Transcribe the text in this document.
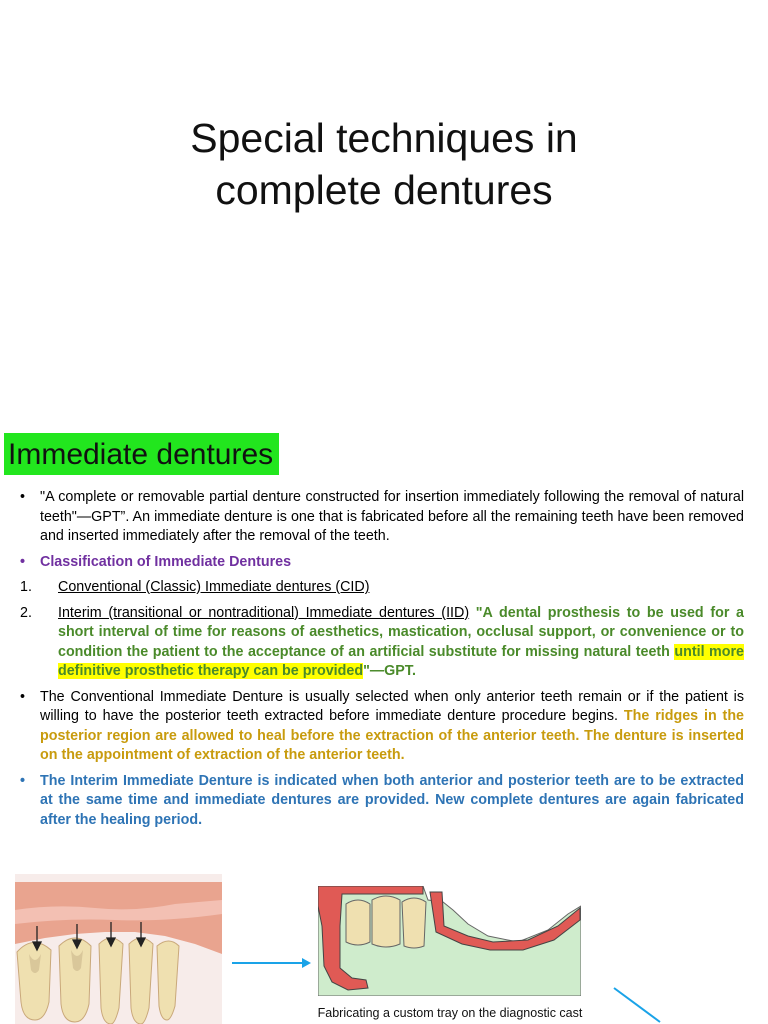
Special techniques in
complete dentures
Immediate dentures
• "A complete or removable partial denture constructed for insertion immediately following the removal of natural teeth"—GPT”. An immediate denture is one that is fabricated before all the remaining teeth have been removed and inserted immediately after the removal of the teeth.
• Classification of Immediate Dentures
1. Conventional (Classic) Immediate dentures (CID)
2. Interim (transitional or nontraditional) Immediate dentures (IID) "A dental prosthesis to be used for a short interval of time for reasons of aesthetics, mastication, occlusal support, or convenience or to condition the patient to the acceptance of an artificial substitute for missing natural teeth until more definitive prosthetic therapy can be provided"—GPT.
• The Conventional Immediate Denture is usually selected when only anterior teeth remain or if the patient is willing to have the posterior teeth extracted before immediate denture procedure begins. The ridges in the posterior region are allowed to heal before the extraction of the anterior teeth. The denture is inserted on the appointment of extraction of the anterior teeth.
• The Interim Immediate Denture is indicated when both anterior and posterior teeth are to be extracted at the same time and immediate dentures are provided. New complete dentures are again fabricated after the healing period.
Fabricating a custom tray on the diagnostic cast
